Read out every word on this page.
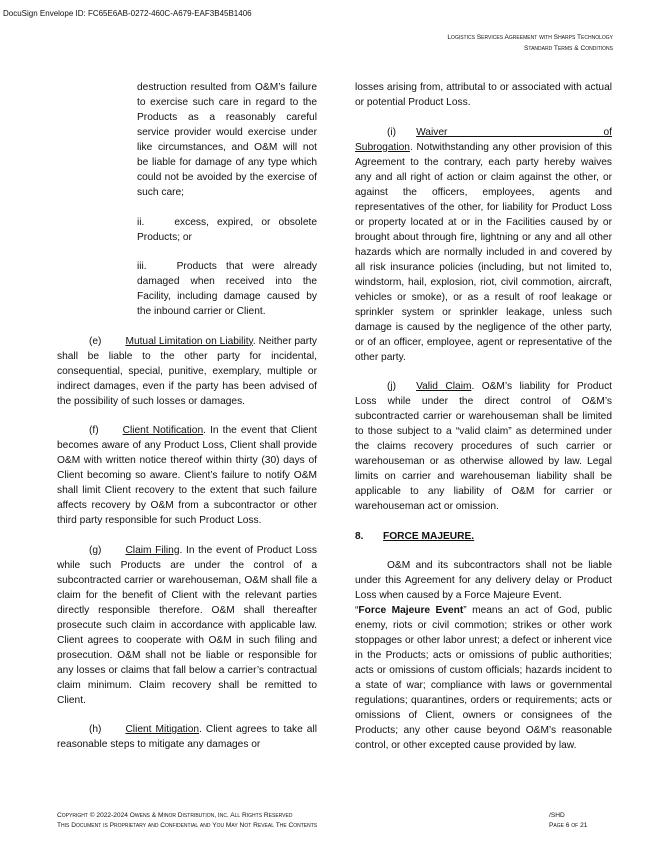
DocuSign Envelope ID: FC65E6AB-0272-460C-A679-EAF3B45B1406
Logistics Services Agreement with Sharps Technology
Standard Terms & Conditions

destruction resulted from O&M’s failure to exercise such care in regard to the Products as a reasonably careful service provider would exercise under like circumstances, and O&M will not be liable for damage of any type which could not be avoided by the exercise of such care;

ii.	excess, expired, or obsolete Products; or

iii.	Products that were already damaged when received into the Facility, including damage caused by the inbound carrier or Client.

(e) Mutual Limitation on Liability. Neither party shall be liable to the other party for incidental, consequential, special, punitive, exemplary, multiple or indirect damages, even if the party has been advised of the possibility of such losses or damages.

(f) Client Notification. In the event that Client becomes aware of any Product Loss, Client shall provide O&M with written notice thereof within thirty (30) days of Client becoming so aware. Client’s failure to notify O&M shall limit Client recovery to the extent that such failure affects recovery by O&M from a subcontractor or other third party responsible for such Product Loss.

(g) Claim Filing. In the event of Product Loss while such Products are under the control of a subcontracted carrier or warehouseman, O&M shall file a claim for the benefit of Client with the relevant parties directly responsible therefore. O&M shall thereafter prosecute such claim in accordance with applicable law. Client agrees to cooperate with O&M in such filing and prosecution. O&M shall not be liable or responsible for any losses or claims that fall below a carrier’s contractual claim minimum. Claim recovery shall be remitted to Client.

(h) Client Mitigation. Client agrees to take all reasonable steps to mitigate any damages or

losses arising from, attributal to or associated with actual or potential Product Loss.

(i) Waiver of Subrogation. Notwithstanding any other provision of this Agreement to the contrary, each party hereby waives any and all right of action or claim against the other, or against the officers, employees, agents and representatives of the other, for liability for Product Loss or property located at or in the Facilities caused by or brought about through fire, lightning or any and all other hazards which are normally included in and covered by all risk insurance policies (including, but not limited to, windstorm, hail, explosion, riot, civil commotion, aircraft, vehicles or smoke), or as a result of roof leakage or sprinkler system or sprinkler leakage, unless such damage is caused by the negligence of the other party, or of an officer, employee, agent or representative of the other party.

(j) Valid Claim. O&M’s liability for Product Loss while under the direct control of O&M’s subcontracted carrier or warehouseman shall be limited to those subject to a “valid claim” as determined under the claims recovery procedures of such carrier or warehouseman or as otherwise allowed by law. Legal limits on carrier and warehouseman liability shall be applicable to any liability of O&M for carrier or warehouseman act or omission.

8. FORCE MAJEURE.

O&M and its subcontractors shall not be liable under this Agreement for any delivery delay or Product Loss when caused by a Force Majeure Event.

“Force Majeure Event” means an act of God, public enemy, riots or civil commotion; strikes or other work stoppages or other labor unrest; a defect or inherent vice in the Products; acts or omissions of public authorities; acts or omissions of custom officials; hazards incident to a state of war; compliance with laws or governmental regulations; quarantines, orders or requirements; acts or omissions of Client, owners or consignees of the Products; any other cause beyond O&M’s reasonable control, or other excepted cause provided by law.

Copyright © 2022-2024 Owens & Minor Distribution, Inc. All Rights Reserved
This Document is Proprietary and Confidential and You May Not Reveal The Contents
/SHD
Page 6 of 21
